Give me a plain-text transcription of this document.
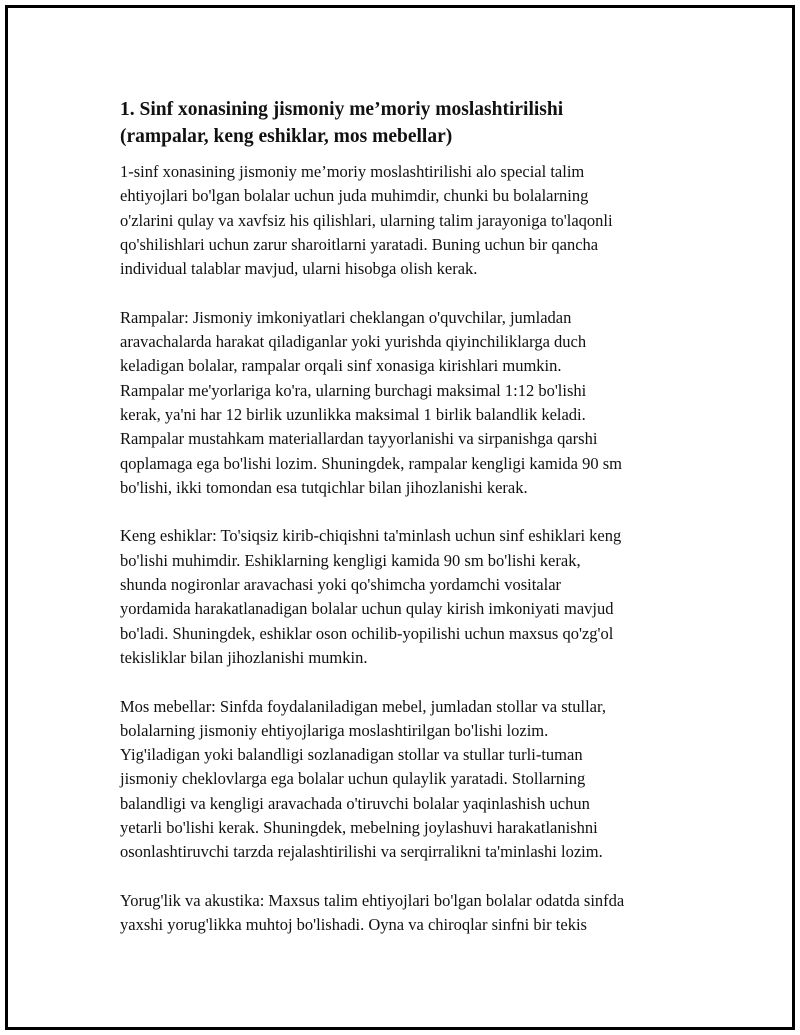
1. Sinf xonasining jismoniy me’moriy moslashtirilishi
(rampalar, keng eshiklar, mos mebellar)

1-sinf xonasining jismoniy me’moriy moslashtirilishi alo special talim
ehtiyojlari bo'lgan bolalar uchun juda muhimdir, chunki bu bolalarning
o'zlarini qulay va xavfsiz his qilishlari, ularning talim jarayoniga to'laqonli
qo'shilishlari uchun zarur sharoitlarni yaratadi. Buning uchun bir qancha
individual talablar mavjud, ularni hisobga olish kerak.

Rampalar: Jismoniy imkoniyatlari cheklangan o'quvchilar, jumladan
aravachalarda harakat qiladiganlar yoki yurishda qiyinchiliklarga duch
keladigan bolalar, rampalar orqali sinf xonasiga kirishlari mumkin.
Rampalar me'yorlariga ko'ra, ularning burchagi maksimal 1:12 bo'lishi
kerak, ya'ni har 12 birlik uzunlikka maksimal 1 birlik balandlik keladi.
Rampalar mustahkam materiallardan tayyorlanishi va sirpanishga qarshi
qoplamaga ega bo'lishi lozim. Shuningdek, rampalar kengligi kamida 90 sm
bo'lishi, ikki tomondan esa tutqichlar bilan jihozlanishi kerak.

Keng eshiklar: To'siqsiz kirib-chiqishni ta'minlash uchun sinf eshiklari keng
bo'lishi muhimdir. Eshiklarning kengligi kamida 90 sm bo'lishi kerak,
shunda nogironlar aravachasi yoki qo'shimcha yordamchi vositalar
yordamida harakatlanadigan bolalar uchun qulay kirish imkoniyati mavjud
bo'ladi. Shuningdek, eshiklar oson ochilib-yopilishi uchun maxsus qo'zg'ol
tekisliklar bilan jihozlanishi mumkin.

Mos mebellar: Sinfda foydalaniladigan mebel, jumladan stollar va stullar,
bolalarning jismoniy ehtiyojlariga moslashtirilgan bo'lishi lozim.
Yig'iladigan yoki balandligi sozlanadigan stollar va stullar turli-tuman
jismoniy cheklovlarga ega bolalar uchun qulaylik yaratadi. Stollarning
balandligi va kengligi aravachada o'tiruvchi bolalar yaqinlashish uchun
yetarli bo'lishi kerak. Shuningdek, mebelning joylashuvi harakatlanishni
osonlashtiruvchi tarzda rejalashtirilishi va serqirralikni ta'minlashi lozim.

Yorug'lik va akustika: Maxsus talim ehtiyojlari bo'lgan bolalar odatda sinfda
yaxshi yorug'likka muhtoj bo'lishadi. Oyna va chiroqlar sinfni bir tekis
